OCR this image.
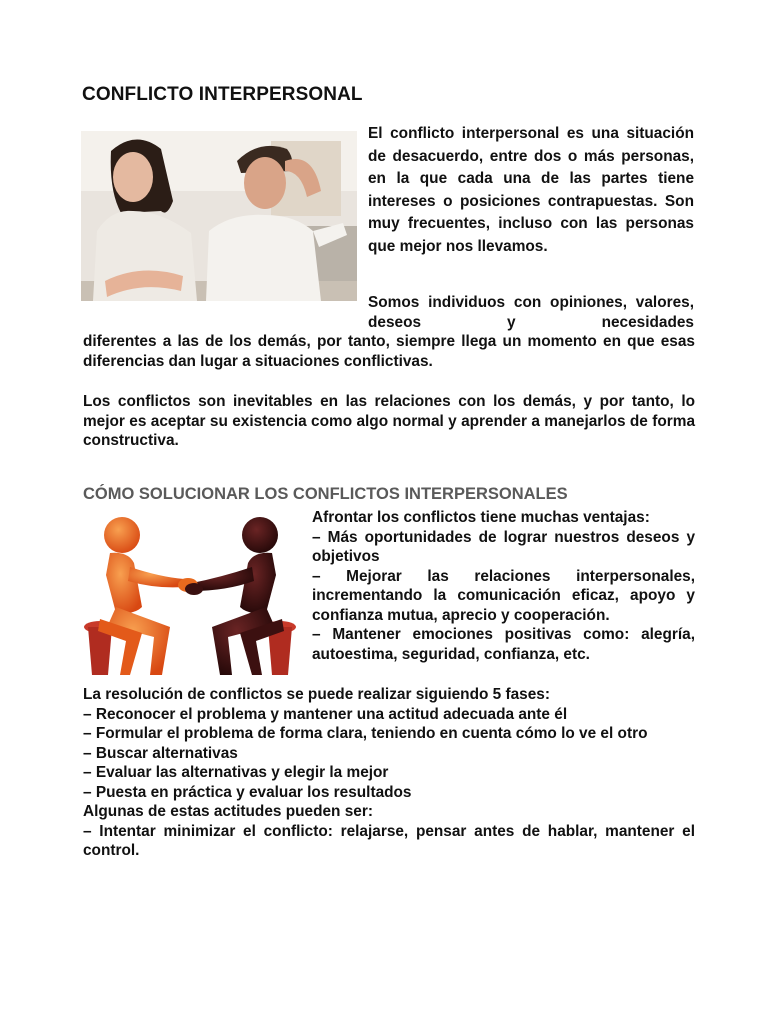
CONFLICTO INTERPERSONAL
El conflicto interpersonal es una situación de desacuerdo, entre dos o más personas, en la que cada una de las partes tiene intereses o posiciones contrapuestas. Son muy frecuentes, incluso con las personas que mejor nos llevamos.
Somos individuos con opiniones, valores, deseos y necesidades
diferentes a las de los demás, por tanto, siempre llega un momento en que esas diferencias dan lugar a situaciones conflictivas.
Los conflictos son inevitables en las relaciones con los demás, y por tanto, lo mejor es aceptar su existencia como algo normal y aprender a manejarlos de forma constructiva.
CÓMO SOLUCIONAR LOS CONFLICTOS INTERPERSONALES
Afrontar los conflictos tiene muchas ventajas:
– Más oportunidades de lograr nuestros deseos y objetivos
– Mejorar las relaciones interpersonales, incrementando la comunicación eficaz, apoyo y confianza mutua, aprecio y cooperación.
– Mantener emociones positivas como: alegría, autoestima, seguridad, confianza, etc.
La resolución de conflictos se puede realizar siguiendo 5 fases:
– Reconocer el problema y mantener una actitud adecuada ante él
– Formular el problema de forma clara, teniendo en cuenta cómo lo ve el otro
– Buscar alternativas
– Evaluar las alternativas y elegir la mejor
– Puesta en práctica y evaluar los resultados
Algunas de estas actitudes pueden ser:
– Intentar minimizar el conflicto: relajarse, pensar antes de hablar, mantener el control.
